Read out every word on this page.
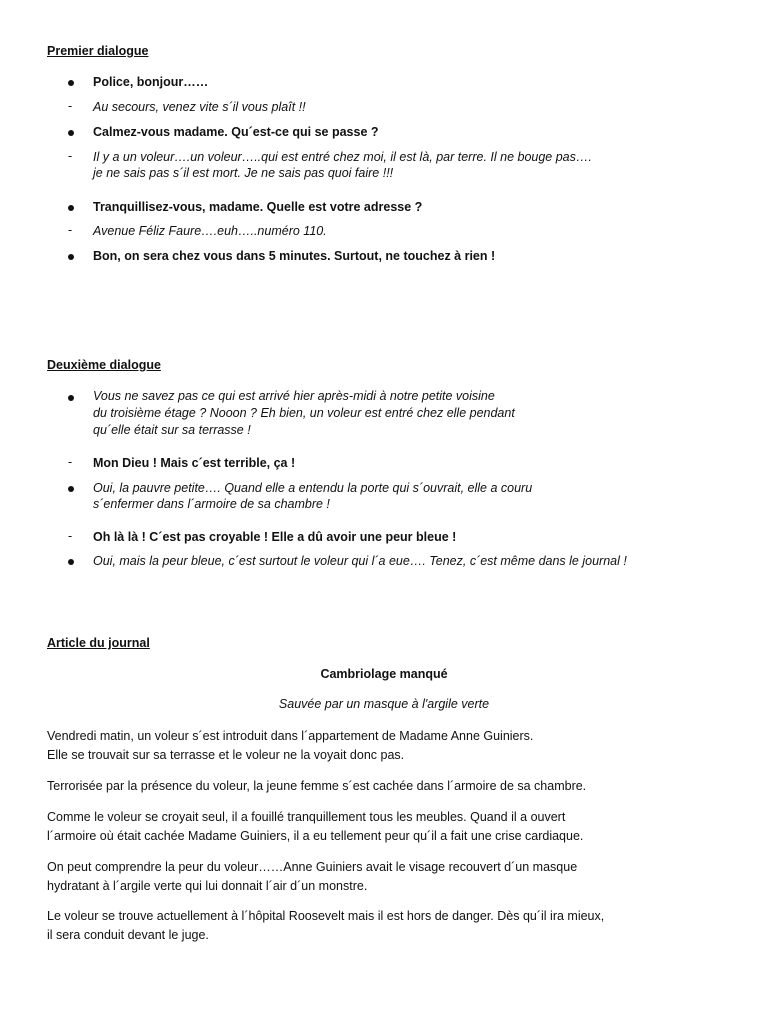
Premier dialogue
Police, bonjour……
- Au secours, venez vite s´il vous plaît !!
Calmez-vous madame. Qu´est-ce qui se passe ?
- Il y a un voleur….un voleur…..qui est entré chez moi, il est là, par terre. Il ne bouge pas….
je ne sais pas s´il est mort. Je ne sais pas quoi faire !!!
Tranquillisez-vous, madame. Quelle est votre adresse ?
- Avenue Féliz Faure….euh…..numéro 110.
Bon, on sera chez vous dans 5 minutes. Surtout, ne touchez à rien !
Deuxième dialogue
Vous ne savez pas ce qui est arrivé hier après-midi à notre petite voisine
du troisième étage ? Nooon ? Eh bien, un voleur est entré chez elle pendant
qu´elle était sur sa terrasse !
- Mon Dieu ! Mais c´est terrible, ça !
Oui, la pauvre petite…. Quand elle a entendu la porte qui s´ouvrait, elle a couru
s´enfermer dans l´armoire de sa chambre !
- Oh là là ! C´est pas croyable ! Elle a dû avoir une peur bleue !
Oui, mais la peur bleue, c´est surtout le voleur qui l´a eue…. Tenez, c´est même dans le journal !
Article du journal
Cambriolage manqué
Sauvée par un masque à l'argile verte
Vendredi matin, un voleur s´est introduit dans l´appartement de Madame Anne Guiniers.
Elle se trouvait sur sa terrasse et le voleur ne la voyait donc pas.
Terrorisée par la présence du voleur, la jeune femme s´est cachée dans l´armoire de sa chambre.
Comme le voleur se croyait seul, il a fouillé tranquillement tous les meubles. Quand il a ouvert
l´armoire où était cachée Madame Guiniers, il a eu tellement peur qu´il a fait une crise cardiaque.
On peut comprendre la peur du voleur……Anne Guiniers avait le visage recouvert d´un masque
hydratant à l´argile verte qui lui donnait l´air d´un monstre.
Le voleur se trouve actuellement à l´hôpital Roosevelt mais il est hors de danger. Dès qu´il ira mieux,
il sera conduit devant le juge.
